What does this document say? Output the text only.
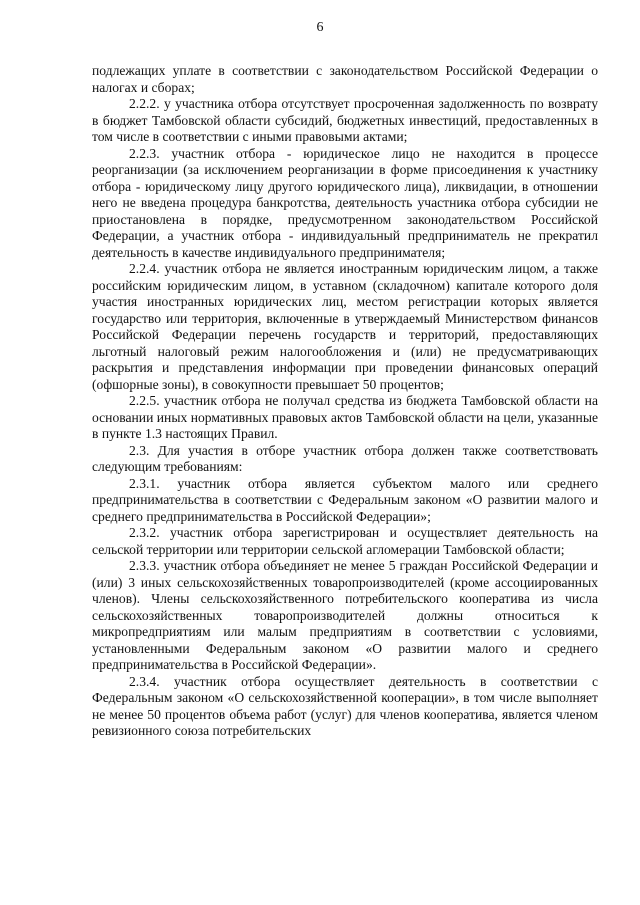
6

подлежащих уплате в соответствии с законодательством Российской Федерации о налогах и сборах;

2.2.2. у участника отбора отсутствует просроченная задолженность по возврату в бюджет Тамбовской области субсидий, бюджетных инвестиций, предоставленных в том числе в соответствии с иными правовыми актами;

2.2.3. участник отбора - юридическое лицо не находится в процессе реорганизации (за исключением реорганизации в форме присоединения к участнику отбора - юридическому лицу другого юридического лица), ликвидации, в отношении него не введена процедура банкротства, деятельность участника отбора субсидии не приостановлена в порядке, предусмотренном законодательством Российской Федерации, а участник отбора - индивидуальный предприниматель не прекратил деятельность в качестве индивидуального предпринимателя;

2.2.4. участник отбора не является иностранным юридическим лицом, а также российским юридическим лицом, в уставном (складочном) капитале которого доля участия иностранных юридических лиц, местом регистрации которых является государство или территория, включенные в утверждаемый Министерством финансов Российской Федерации перечень государств и территорий, предоставляющих льготный налоговый режим налогообложения и (или) не предусматривающих раскрытия и представления информации при проведении финансовых операций (офшорные зоны), в совокупности превышает 50 процентов;

2.2.5. участник отбора не получал средства из бюджета Тамбовской области на основании иных нормативных правовых актов Тамбовской области на цели, указанные в пункте 1.3 настоящих Правил.

2.3. Для участия в отборе участник отбора должен также соответствовать следующим требованиям:

2.3.1. участник отбора является субъектом малого или среднего предпринимательства в соответствии с Федеральным законом «О развитии малого и среднего предпринимательства в Российской Федерации»;

2.3.2. участник отбора зарегистрирован и осуществляет деятельность на сельской территории или территории сельской агломерации Тамбовской области;

2.3.3. участник отбора объединяет не менее 5 граждан Российской Федерации и (или) 3 иных сельскохозяйственных товаропроизводителей (кроме ассоциированных членов). Члены сельскохозяйственного потребительского кооператива из числа сельскохозяйственных товаропроизводителей должны относиться к микропредприятиям или малым предприятиям в соответствии с условиями, установленными Федеральным законом «О развитии малого и среднего предпринимательства в Российской Федерации».

2.3.4. участник отбора осуществляет деятельность в соответствии с Федеральным законом «О сельскохозяйственной кооперации», в том числе выполняет не менее 50 процентов объема работ (услуг) для членов кооператива, является членом ревизионного союза потребительских
